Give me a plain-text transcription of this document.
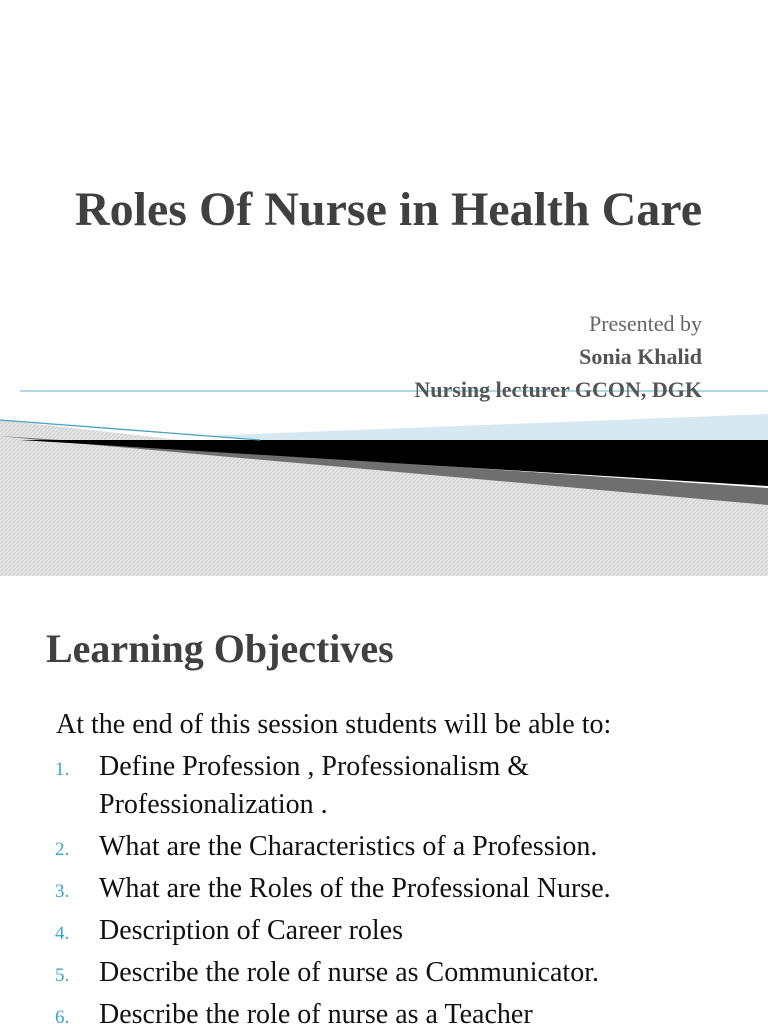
Roles Of Nurse in Health Care
Presented by
Sonia Khalid
Nursing lecturer GCON, DGK
Learning Objectives

At the end of this session students will be able to:

1. Define Profession , Professionalism & Professionalization .
2. What are the Characteristics of a Profession.
3. What are the Roles of the Professional Nurse.
4. Description of Career roles
5. Describe the role of nurse as Communicator.
6. Describe the role of nurse as a Teacher
